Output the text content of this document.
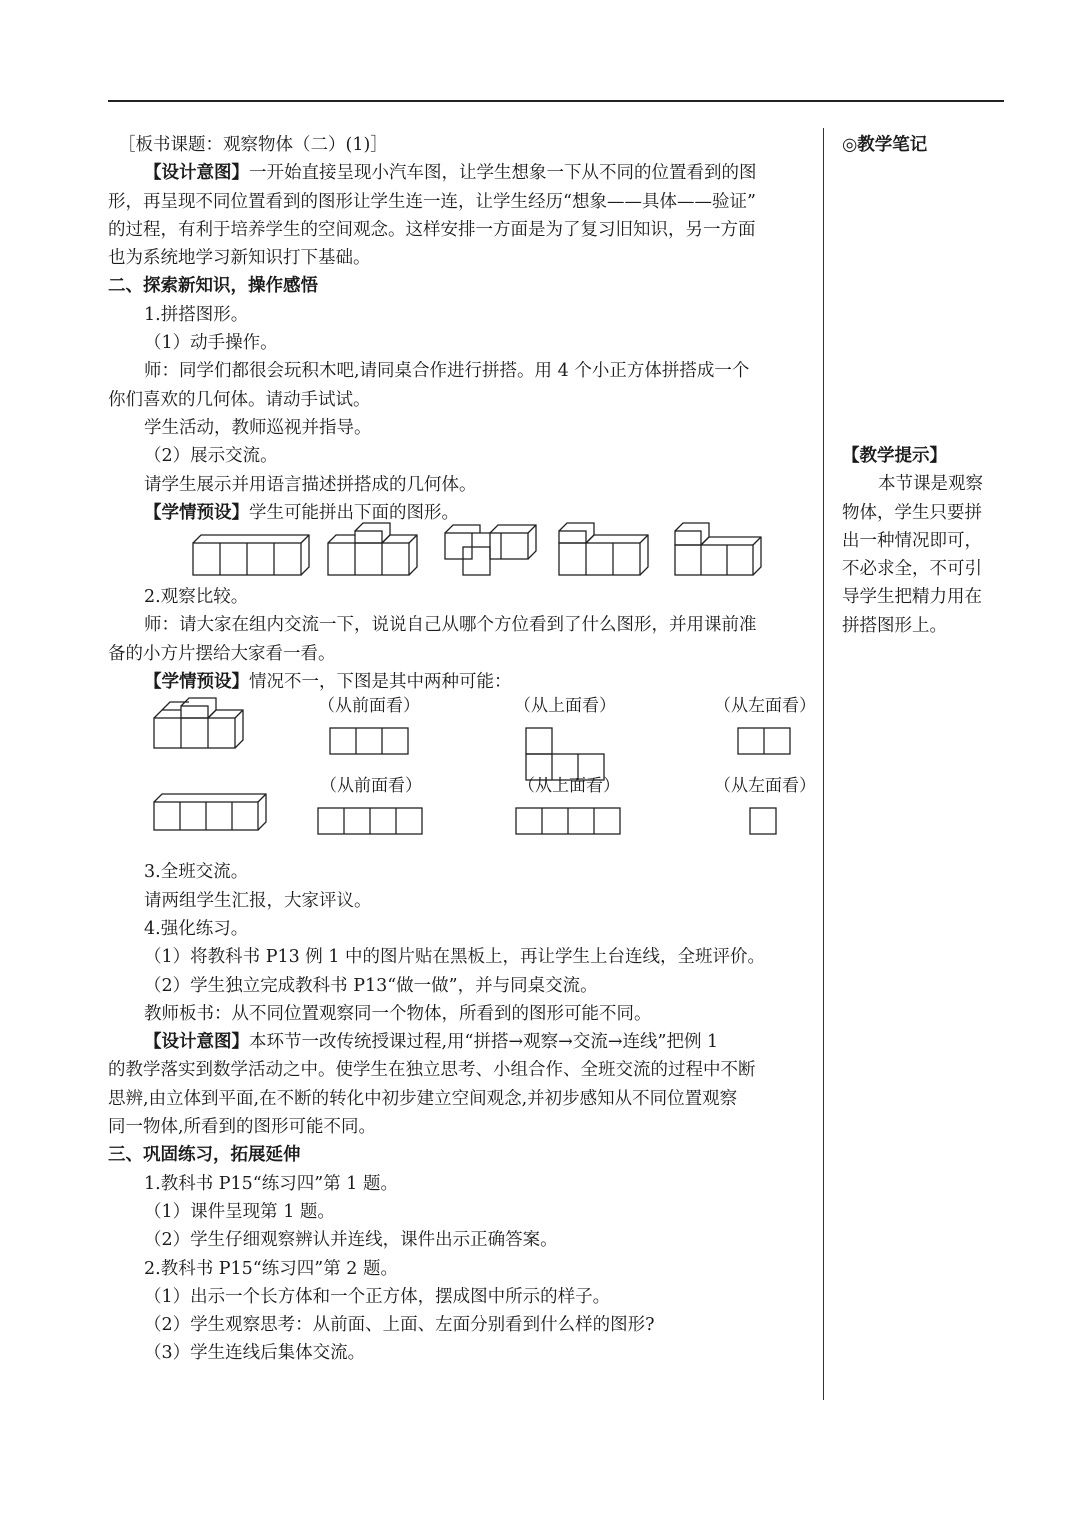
［板书课题：观察物体（二）(1)］

【设计意图】一开始直接呈现小汽车图，让学生想象一下从不同的位置看到的图

形，再呈现不同位置看到的图形让学生连一连，让学生经历“想象——具体——验证”

的过程，有利于培养学生的空间观念。这样安排一方面是为了复习旧知识，另一方面

也为系统地学习新知识打下基础。

二、探索新知识，操作感悟

1.拼搭图形。

（1）动手操作。

师：同学们都很会玩积木吧,请同桌合作进行拼搭。用 4 个小正方体拼搭成一个

你们喜欢的几何体。请动手试试。

学生活动，教师巡视并指导。

（2）展示交流。

请学生展示并用语言描述拼搭成的几何体。

【学情预设】学生可能拼出下面的图形。

2.观察比较。

师：请大家在组内交流一下，说说自己从哪个方位看到了什么图形，并用课前准

备的小方片摆给大家看一看。

【学情预设】情况不一，下图是其中两种可能：

（从前面看）	（从上面看）	（从左面看）
（从前面看）	（从上面看）	（从左面看）

3.全班交流。

请两组学生汇报，大家评议。

4.强化练习。

（1）将教科书 P13 例 1 中的图片贴在黑板上，再让学生上台连线，全班评价。

（2）学生独立完成教科书 P13“做一做”，并与同桌交流。

教师板书：从不同位置观察同一个物体，所看到的图形可能不同。

【设计意图】本环节一改传统授课过程,用“拼搭→观察→交流→连线”把例 1

的教学落实到数学活动之中。使学生在独立思考、小组合作、全班交流的过程中不断

思辨,由立体到平面,在不断的转化中初步建立空间观念,并初步感知从不同位置观察

同一物体,所看到的图形可能不同。

三、巩固练习，拓展延伸

1.教科书 P15“练习四”第 1 题。

（1）课件呈现第 1 题。

（2）学生仔细观察辨认并连线，课件出示正确答案。

2.教科书 P15“练习四”第 2 题。

（1）出示一个长方体和一个正方体，摆成图中所示的样子。

（2）学生观察思考：从前面、上面、左面分别看到什么样的图形?

（3）学生连线后集体交流。

◎教学笔记

【教学提示】

本节课是观察

物体，学生只要拼

出一种情况即可，

不必求全，不可引

导学生把精力用在

拼搭图形上。
